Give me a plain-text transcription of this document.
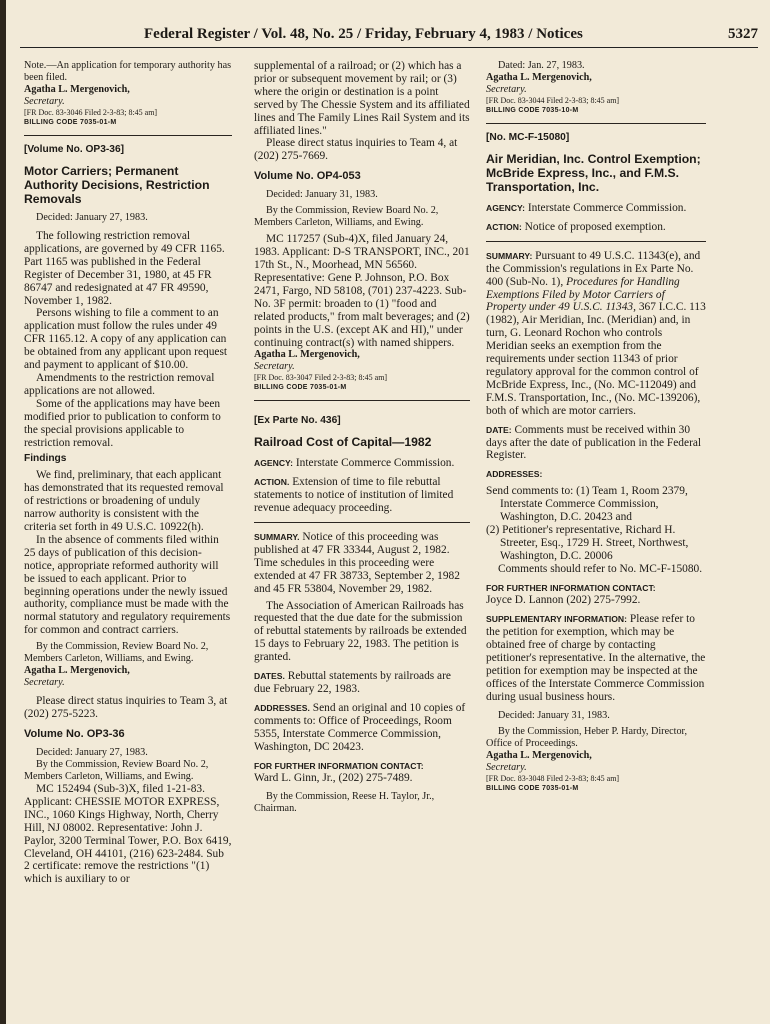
Federal Register / Vol. 48, No. 25 / Friday, February 4, 1983 / Notices	5327

Note.—An application for temporary authority has been filed.

Agatha L. Mergenovich,

Secretary.

[FR Doc. 83-3046 Filed 2-3-83; 8:45 am]

BILLING CODE 7035-01-M

[Volume No. OP3-36]

Motor Carriers; Permanent Authority Decisions, Restriction Removals

Decided: January 27, 1983.

The following restriction removal applications, are governed by 49 CFR 1165. Part 1165 was published in the Federal Register of December 31, 1980, at 45 FR 86747 and redesignated at 47 FR 49590, November 1, 1982.

Persons wishing to file a comment to an application must follow the rules under 49 CFR 1165.12. A copy of any application can be obtained from any applicant upon request and payment to applicant of $10.00.

Amendments to the restriction removal applications are not allowed.

Some of the applications may have been modified prior to publication to conform to the special provisions applicable to restriction removal.

Findings

We find, preliminary, that each applicant has demonstrated that its requested removal of restrictions or broadening of unduly narrow authority is consistent with the criteria set forth in 49 U.S.C. 10922(h).

In the absence of comments filed within 25 days of publication of this decision-notice, appropriate reformed authority will be issued to each applicant. Prior to beginning operations under the newly issued authority, compliance must be made with the normal statutory and regulatory requirements for common and contract carriers.

By the Commission, Review Board No. 2, Members Carleton, Williams, and Ewing.

Agatha L. Mergenovich,

Secretary.

Please direct status inquiries to Team 3, at (202) 275-5223.

Volume No. OP3-36

Decided: January 27, 1983.

By the Commission, Review Board No. 2, Members Carleton, Williams, and Ewing.

MC 152494 (Sub-3)X, filed 1-21-83. Applicant: CHESSIE MOTOR EXPRESS, INC., 1060 Kings Highway, North, Cherry Hill, NJ 08002. Representative: John J. Paylor, 3200 Terminal Tower, P.O. Box 6419, Cleveland, OH 44101, (216) 623-2484. Sub 2 certificate: remove the restrictions "(1) which is auxiliary to or

supplemental of a railroad; or (2) which has a prior or subsequent movement by rail; or (3) where the origin or destination is a point served by The Chessie System and its affiliated lines and The Family Lines Rail System and its affiliated lines."

Please direct status inquiries to Team 4, at (202) 275-7669.

Volume No. OP4-053

Decided: January 31, 1983.

By the Commission, Review Board No. 2, Members Carleton, Williams, and Ewing.

MC 117257 (Sub-4)X, filed January 24, 1983. Applicant: D-S TRANSPORT, INC., 201 17th St., N., Moorhead, MN 56560. Representative: Gene P. Johnson, P.O. Box 2471, Fargo, ND 58108, (701) 237-4223. Sub-No. 3F permit: broaden to (1) "food and related products," from malt beverages; and (2) points in the U.S. (except AK and HI)," under continuing contract(s) with named shippers.

Agatha L. Mergenovich,

Secretary.

[FR Doc. 83-3047 Filed 2-3-83; 8:45 am]

BILLING CODE 7035-01-M

[Ex Parte No. 436]

Railroad Cost of Capital—1982

AGENCY: Interstate Commerce Commission.

ACTION. Extension of time to file rebuttal statements to notice of institution of limited revenue adequacy proceeding.

SUMMARY. Notice of this proceeding was published at 47 FR 33344, August 2, 1982. Time schedules in this proceeding were extended at 47 FR 38733, September 2, 1982 and 45 FR 53804, November 29, 1982.

The Association of American Railroads has requested that the due date for the submission of rebuttal statements by railroads be extended 15 days to February 22, 1983. The petition is granted.

DATES. Rebuttal statements by railroads are due February 22, 1983.

ADDRESSES. Send an original and 10 copies of comments to: Office of Proceedings, Room 5355, Interstate Commerce Commission, Washington, DC 20423.

FOR FURTHER INFORMATION CONTACT:

Ward L. Ginn, Jr., (202) 275-7489.

By the Commission, Reese H. Taylor, Jr., Chairman.

Dated: Jan. 27, 1983.

Agatha L. Mergenovich,

Secretary.

[FR Doc. 83-3044 Filed 2-3-83; 8:45 am]

BILLING CODE 7035-10-M

[No. MC-F-15080]

Air Meridian, Inc. Control Exemption; McBride Express, Inc., and F.M.S. Transportation, Inc.

AGENCY: Interstate Commerce Commission.

ACTION: Notice of proposed exemption.

SUMMARY: Pursuant to 49 U.S.C. 11343(e), and the Commission's regulations in Ex Parte No. 400 (Sub-No. 1), Procedures for Handling Exemptions Filed by Motor Carriers of Property under 49 U.S.C. 11343, 367 I.C.C. 113 (1982), Air Meridian, Inc. (Meridian) and, in turn, G. Leonard Rochon who controls Meridian seeks an exemption from the requirements under section 11343 of prior regulatory approval for the common control of McBride Express, Inc., (No. MC-112049) and F.M.S. Transportation, Inc., (No. MC-139206), both of which are motor carriers.

DATE: Comments must be received within 30 days after the date of publication in the Federal Register.

ADDRESSES:

Send comments to: (1) Team 1, Room 2379, Interstate Commerce Commission, Washington, D.C. 20423 and

(2) Petitioner's representative, Richard H. Streeter, Esq., 1729 H. Street, Northwest, Washington, D.C. 20006

Comments should refer to No. MC-F-15080.

FOR FURTHER INFORMATION CONTACT:

Joyce D. Lannon (202) 275-7992.

SUPPLEMENTARY INFORMATION: Please refer to the petition for exemption, which may be obtained free of charge by contacting petitioner's representative. In the alternative, the petition for exemption may be inspected at the offices of the Interstate Commerce Commission during usual business hours.

Decided: January 31, 1983.

By the Commission, Heber P. Hardy, Director, Office of Proceedings.

Agatha L. Mergenovich,

Secretary.

[FR Doc. 83-3048 Filed 2-3-83; 8:45 am]

BILLING CODE 7035-01-M
